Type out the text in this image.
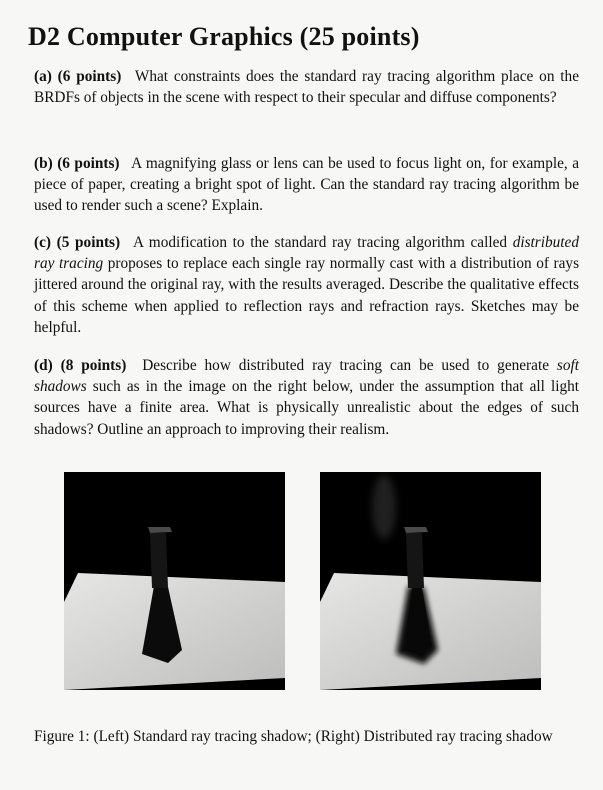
D2 Computer Graphics (25 points)
(a) (6 points) What constraints does the standard ray tracing algorithm place on the BRDFs of objects in the scene with respect to their specular and diffuse components?
(b) (6 points) A magnifying glass or lens can be used to focus light on, for example, a piece of paper, creating a bright spot of light. Can the standard ray tracing algorithm be used to render such a scene? Explain.
(c) (5 points) A modification to the standard ray tracing algorithm called distributed ray tracing proposes to replace each single ray normally cast with a distribution of rays jittered around the original ray, with the results averaged. Describe the qualitative effects of this scheme when applied to reflection rays and refraction rays. Sketches may be helpful.
(d) (8 points) Describe how distributed ray tracing can be used to generate soft shadows such as in the image on the right below, under the assumption that all light sources have a finite area. What is physically unrealistic about the edges of such shadows? Outline an approach to improving their realism.
Figure 1: (Left) Standard ray tracing shadow; (Right) Distributed ray tracing shadow
